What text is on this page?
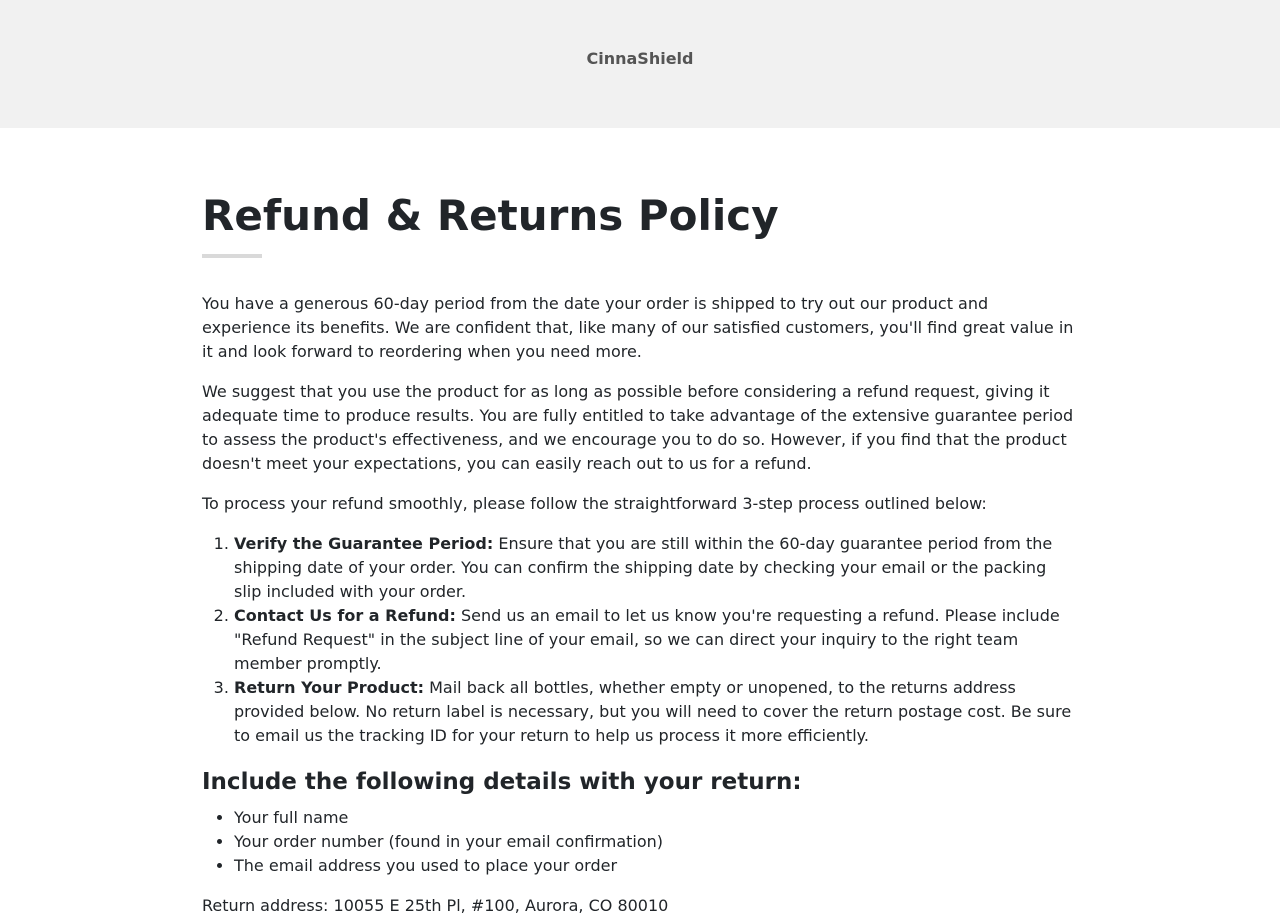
CinnaShield
Refund & Returns Policy

You have a generous 60-day period from the date your order is shipped to try out our product and experience its benefits. We are confident that, like many of our satisfied customers, you'll find great value in it and look forward to reordering when you need more.

We suggest that you use the product for as long as possible before considering a refund request, giving it adequate time to produce results. You are fully entitled to take advantage of the extensive guarantee period to assess the product's effectiveness, and we encourage you to do so. However, if you find that the product doesn't meet your expectations, you can easily reach out to us for a refund.

To process your refund smoothly, please follow the straightforward 3-step process outlined below:

1. Verify the Guarantee Period: Ensure that you are still within the 60-day guarantee period from the shipping date of your order. You can confirm the shipping date by checking your email or the packing slip included with your order.
2. Contact Us for a Refund: Send us an email to let us know you're requesting a refund. Please include "Refund Request" in the subject line of your email, so we can direct your inquiry to the right team member promptly.
3. Return Your Product: Mail back all bottles, whether empty or unopened, to the returns address provided below. No return label is necessary, but you will need to cover the return postage cost. Be sure to email us the tracking ID for your return to help us process it more efficiently.
Include the following details with your return:
• Your full name
• Your order number (found in your email confirmation)
• The email address you used to place your order

Return address: 10055 E 25th Pl, #100, Aurora, CO 80010
